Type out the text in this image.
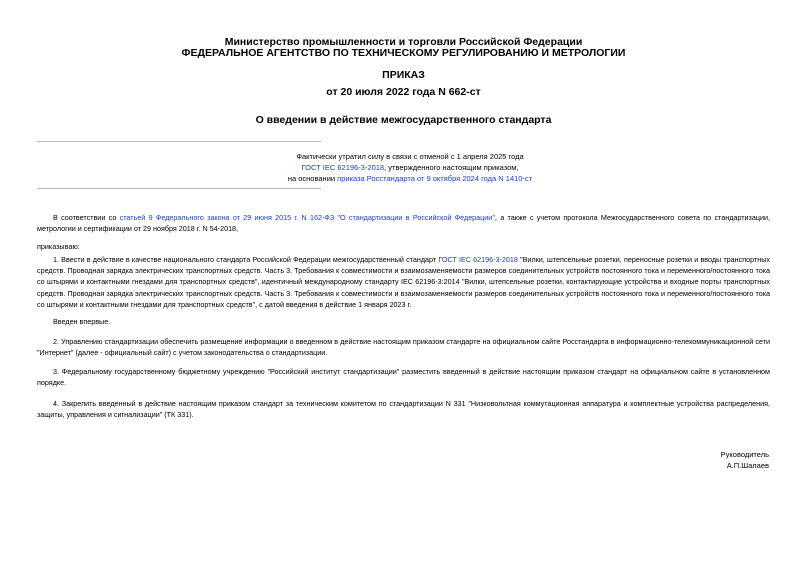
Министерство промышленности и торговли Российской Федерации
ФЕДЕРАЛЬНОЕ АГЕНТСТВО ПО ТЕХНИЧЕСКОМУ РЕГУЛИРОВАНИЮ И МЕТРОЛОГИИ
ПРИКАЗ
от 20 июля 2022 года N 662-ст
О введении в действие межгосударственного стандарта
Фактически утратил силу в связи с отменой с 1 апреля 2025 года
ГОСТ IEC 62196-3-2018, утвержденного настоящим приказом,
на основании приказа Росстандарта от 9 октября 2024 года N 1410-ст
В соответствии со статьей 9 Федерального закона от 29 июня 2015 г. N 162-ФЗ "О стандартизации в Российской Федерации", а также с учетом протокола Межгосударственного совета по стандартизации, метрологии и сертификации от 29 ноября 2018 г. N 54-2018,
приказываю:
1. Ввести в действие в качестве национального стандарта Российской Федерации межгосударственный стандарт ГОСТ IEC 62196-3-2018 "Вилки, штепсельные розетки, переносные розетки и вводы транспортных средств. Проводная зарядка электрических транспортных средств. Часть 3. Требования к совместимости и взаимозаменяемости размеров соединительных устройств постоянного тока и переменного/постоянного тока со штырями и контактными гнездами для транспортных средств", идентичный международному стандарту IEC 62196-3:2014 "Вилки, штепсельные розетки, контактирующие устройства и входные порты транспортных средств. Проводная зарядка электрических транспортных средств. Часть 3. Требования к совместимости и взаимозаменяемости размеров соединительных устройств постоянного тока и переменного/постоянного тока со штырями и контактными гнездами для транспортных средств", с датой введения в действие 1 января 2023 г.
Введен впервые.
2. Управлению стандартизации обеспечить размещение информации о введенном в действие настоящим приказом стандарте на официальном сайте Росстандарта в информационно-телекоммуникационной сети "Интернет" (далее - официальный сайт) с учетом законодательства о стандартизации.
3. Федеральному государственному бюджетному учреждению "Российский институт стандартизации" разместить введенный в действие настоящим приказом стандарт на официальном сайте в установленном порядке.
4. Закрепить введенный в действие настоящим приказом стандарт за техническим комитетом по стандартизации N 331 "Низковольтная коммутационная аппаратура и комплектные устройства распределения, защиты, управления и сигнализации" (ТК 331).
Руководитель
А.П.Шалаев
